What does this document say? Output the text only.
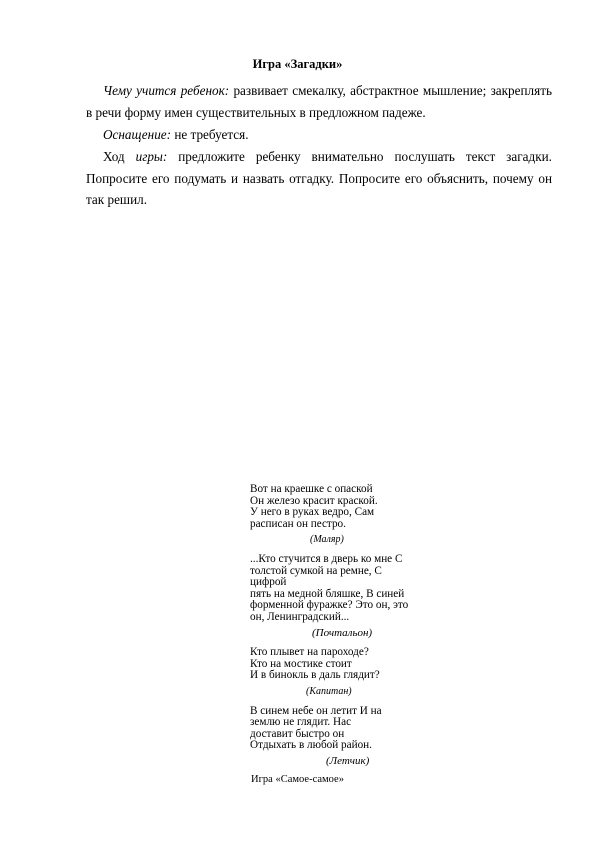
Игра «Загадки»
Чему учится ребенок: развивает смекалку, абстрактное мышление; закреплять в речи форму имен существительных в предложном падеже.
Оснащение: не требуется.
Ход игры: предложите ребенку внимательно послушать текст загадки. Попросите его подумать и назвать отгадку. Попросите его объяснить, почему он так решил.
Вот на краешке с опаской
Он железо красит краской.
У него в руках ведро, Сам
расписан он пестро.
(Маляр)
...Кто стучится в дверь ко мне С
толстой сумкой на ремне, С цифрой
пять на медной бляшке, В синей
форменной фуражке? Это он, это
он, Ленинградский...
(Почтальон)
Кто плывет на пароходе?
Кто на мостике стоит
И в бинокль в даль глядит?
(Капитан)
В синем небе он летит И на
землю не глядит. Нас
доставит быстро он
Отдыхать в любой район.
(Летчик)
Игра «Самое-самое»
